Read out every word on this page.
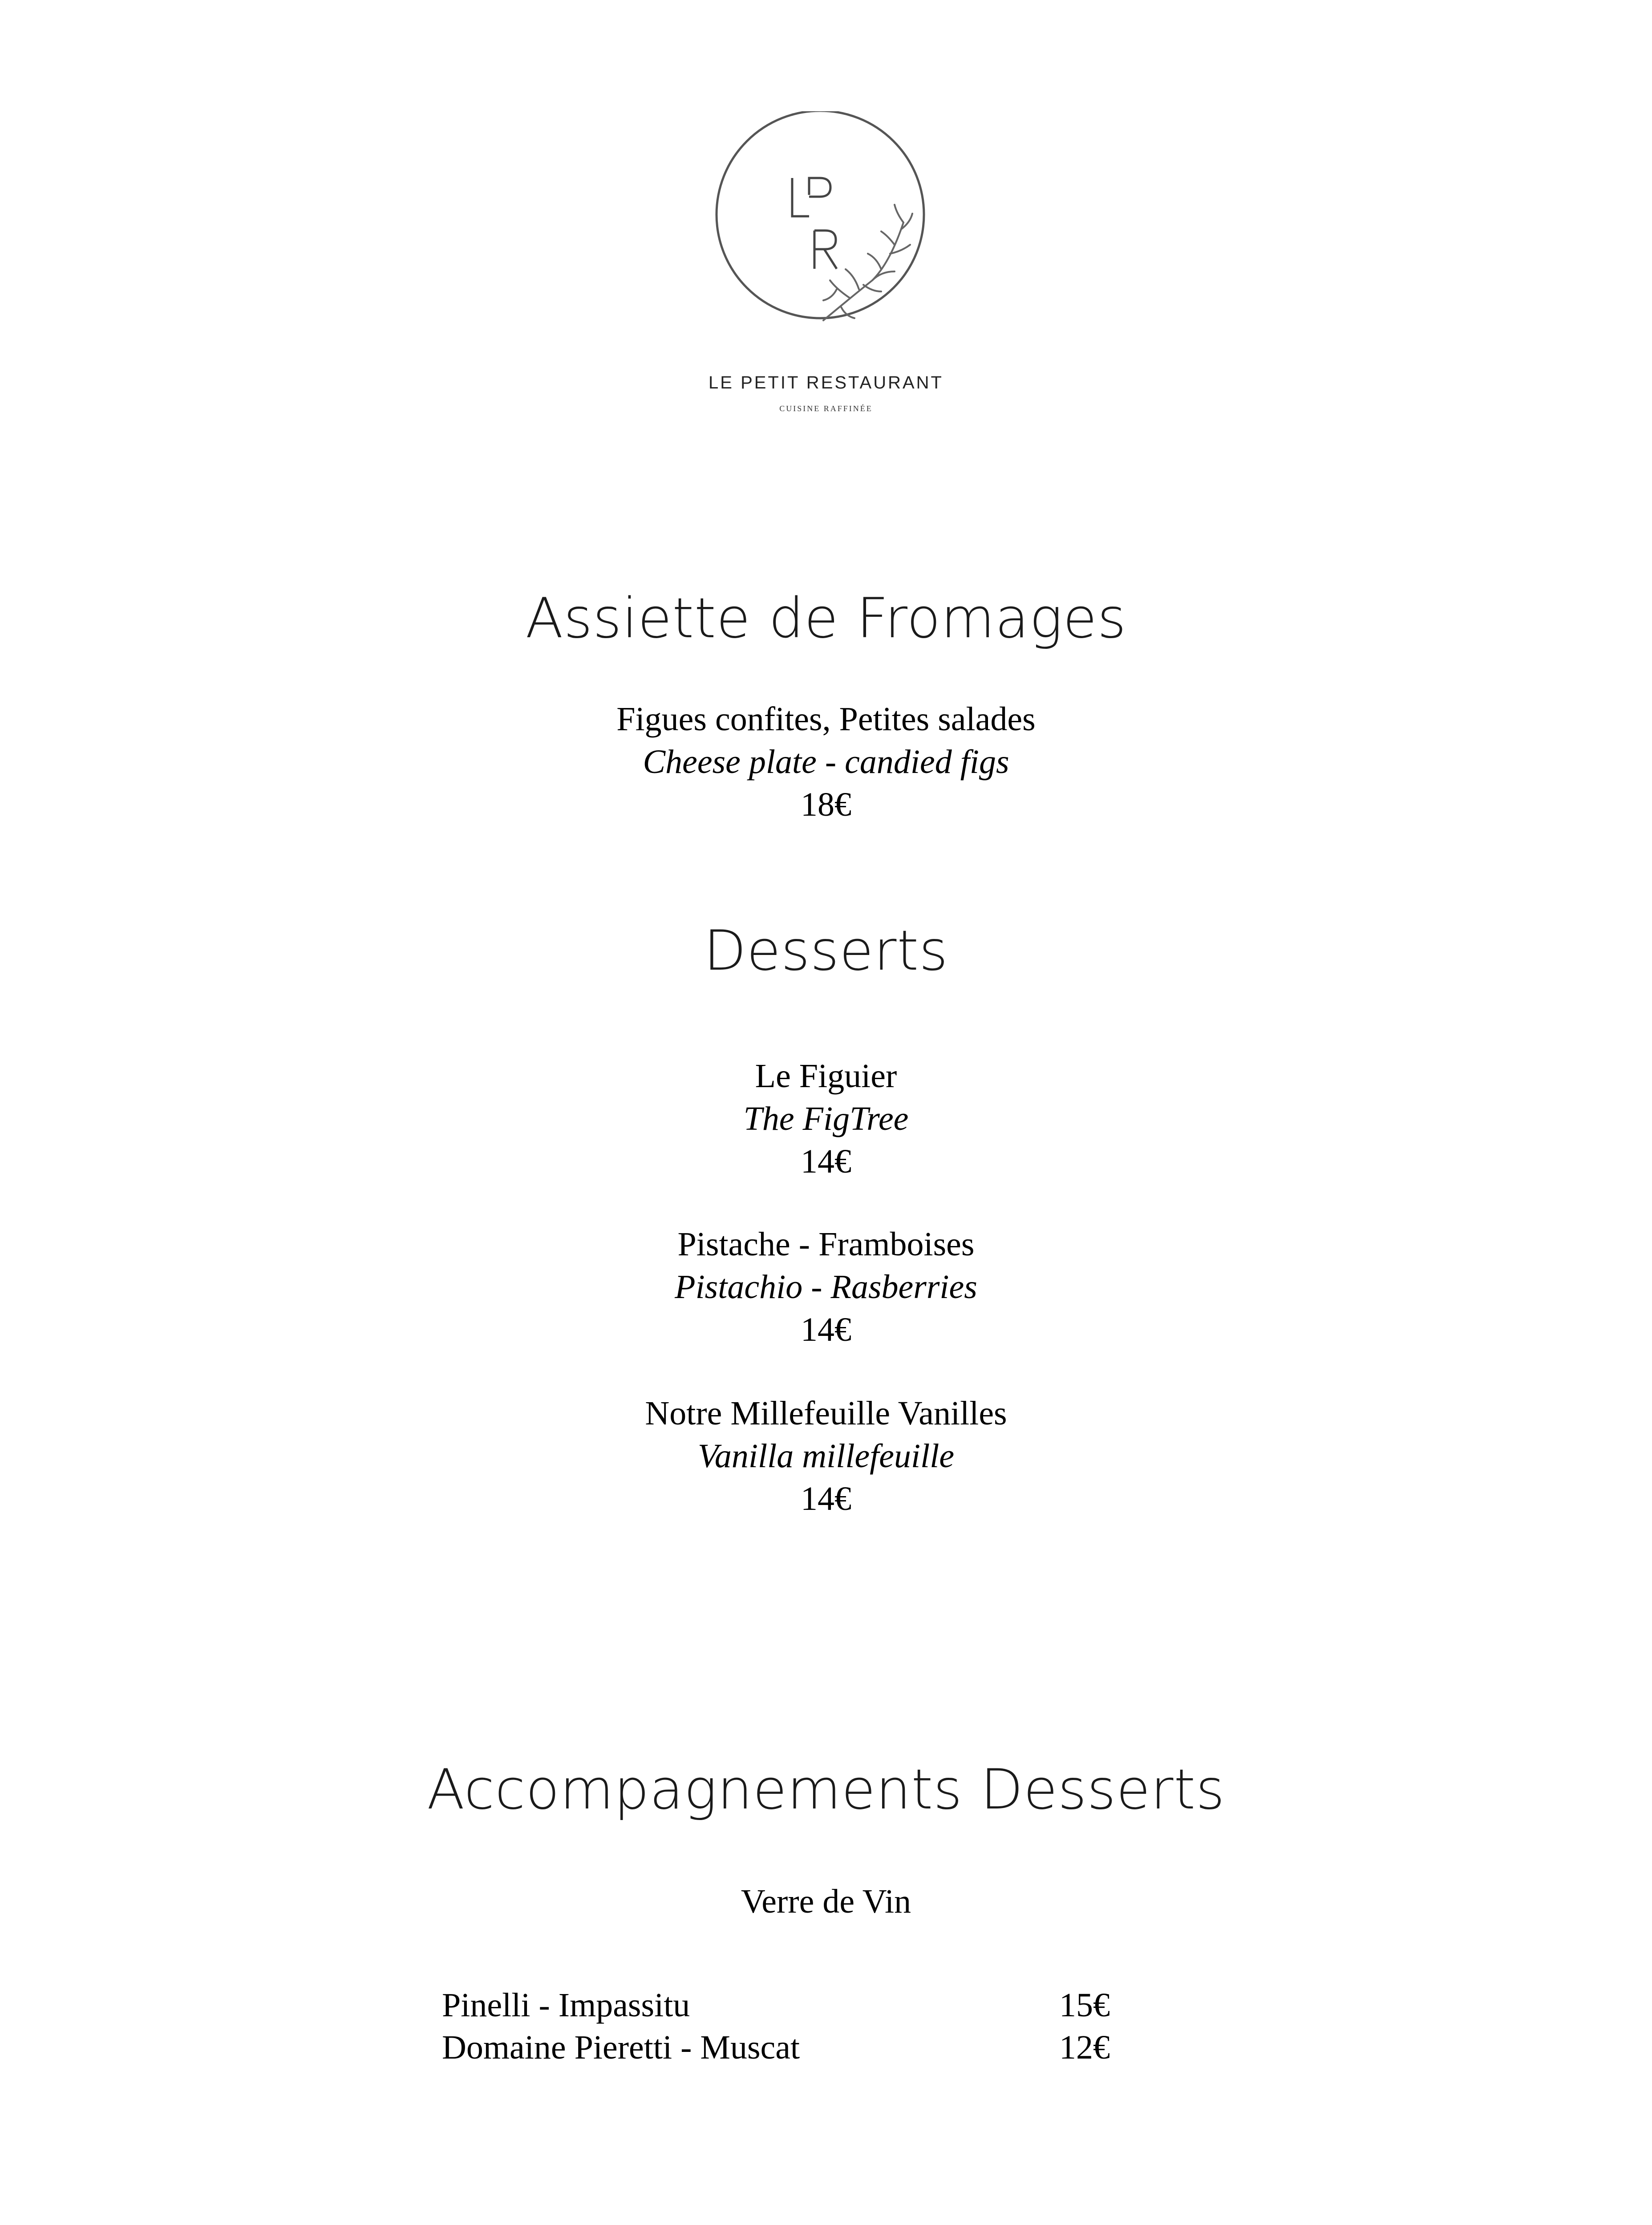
LE PETIT RESTAURANT
CUISINE RAFFINÉE
Assiette de Fromages
Figues confites, Petites salades
Cheese plate - candied figs
18€
Desserts
Le Figuier
The FigTree
14€
Pistache - Framboises
Pistachio - Rasberries
14€
Notre Millefeuille Vanilles
Vanilla millefeuille
14€
Accompagnements Desserts
Verre de Vin
Pinelli - Impassitu	15€
Domaine Pieretti - Muscat	12€
